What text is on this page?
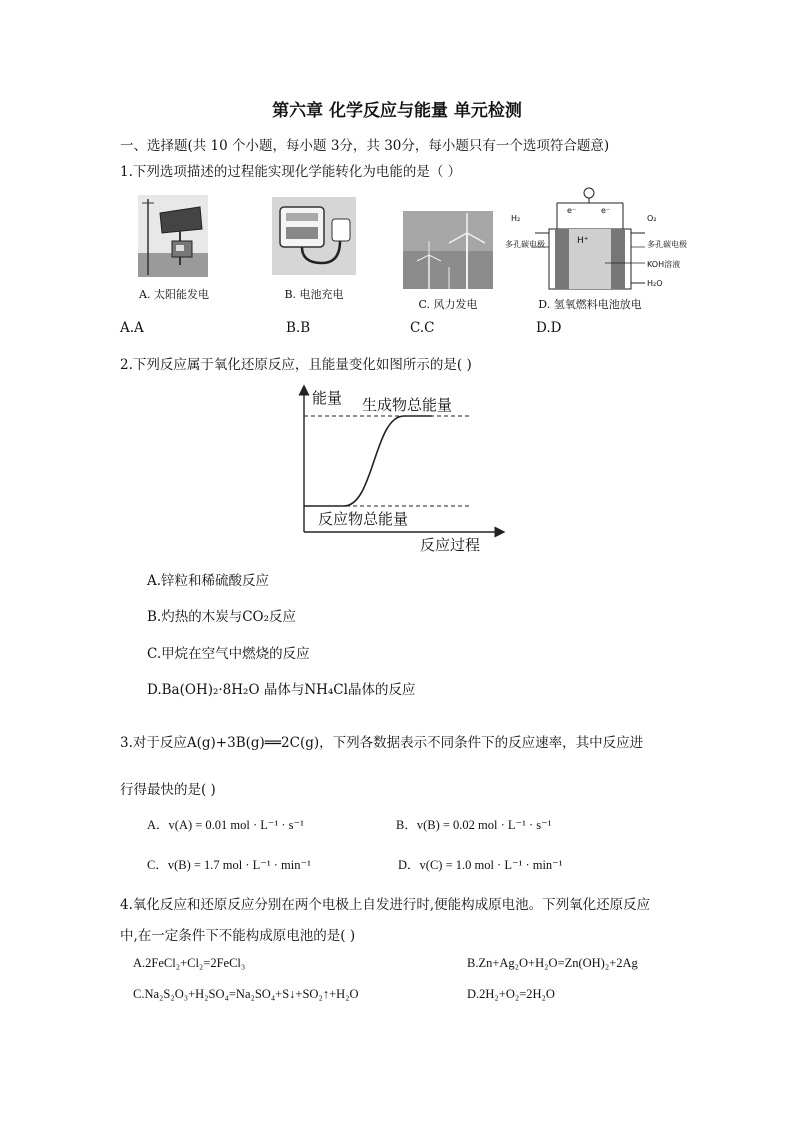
第六章 化学反应与能量 单元检测
一、选择题(共 10 个小题，每小题 3分，共 30分，每小题只有一个选项符合题意)
1.下列选项描述的过程能实现化学能转化为电能的是（ ）
A. 太阳能发电	B. 电池充电
C. 风力发电
H₂	O₂
e⁻	e⁻
H⁺
多孔碳电极	多孔碳电极
KOH溶液
H₂O
D. 氢氧燃料电池放电
A.A	B.B	C.C	D.D
2.下列反应属于氧化还原反应，且能量变化如图所示的是( )
能量 生成物总能量
反应物总能量
反应过程
A.锌粒和稀硫酸反应
B.灼热的木炭与CO₂反应
C.甲烷在空气中燃烧的反应
D.Ba(OH)₂·8H₂O 晶体与NH₄Cl晶体的反应
3.对于反应A(g)+3B(g)══2C(g)，下列各数据表示不同条件下的反应速率，其中反应进
行得最快的是( )
A．v(A) = 0.01 mol · L⁻¹ · s⁻¹	B．v(B) = 0.02 mol · L⁻¹ · s⁻¹
C．v(B) = 1.7 mol · L⁻¹ · min⁻¹	D．v(C) = 1.0 mol · L⁻¹ · min⁻¹
4.氧化反应和还原反应分别在两个电极上自发进行时,便能构成原电池。下列氧化还原反应
中,在一定条件下不能构成原电池的是( )
A.2FeCl₂+Cl₂=2FeCl₃	B.Zn+Ag₂O+H₂O=Zn(OH)₂+2Ag
C.Na₂S₂O₃+H₂SO₄=Na₂SO₄+S↓+SO₂↑+H₂O	D.2H₂+O₂=2H₂O
